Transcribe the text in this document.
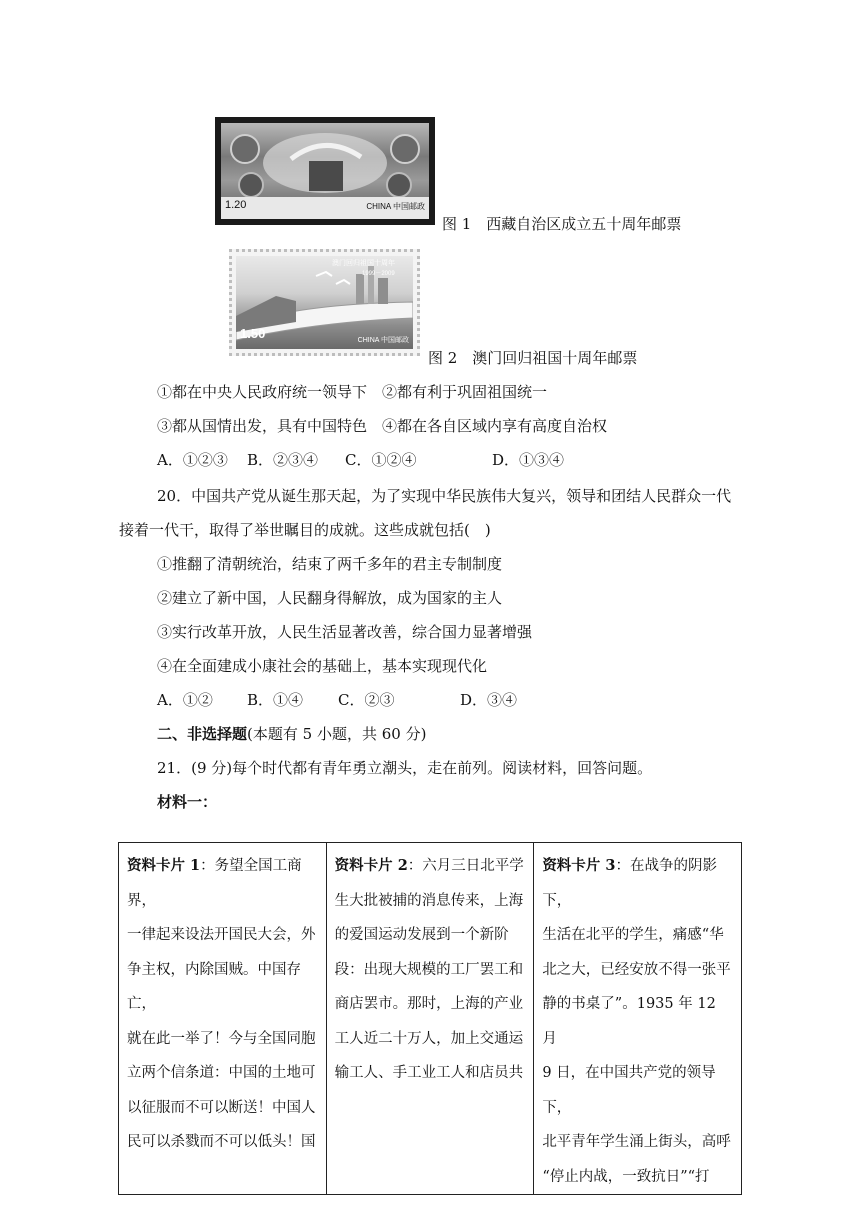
1.20	CHINA 中国邮政
图 1　西藏自治区成立五十周年邮票
澳门回归祖国十周年
1999－2009
1.50	CHINA 中国邮政
图 2　澳门回归祖国十周年邮票
①都在中央人民政府统一领导下　②都有利于巩固祖国统一
③都从国情出发，具有中国特色　④都在各自区域内享有高度自治权
A．①②③ B．②③④ C．①②④	D．①③④
20．中国共产党从诞生那天起，为了实现中华民族伟大复兴，领导和团结人民群众一代
接着一代干，取得了举世瞩目的成就。这些成就包括(　)
①推翻了清朝统治，结束了两千多年的君主专制制度
②建立了新中国，人民翻身得解放，成为国家的主人
③实行改革开放，人民生活显著改善，综合国力显著增强
④在全面建成小康社会的基础上，基本实现现代化
A．①② B．①④ C．②③	D．③④
二、非选择题(本题有 5 小题，共 60 分)
21．(9 分)每个时代都有青年勇立潮头，走在前列。阅读材料，回答问题。
材料一：
资料卡片 1：务望全国工商界，
一律起来设法开国民大会，外
争主权，内除国贼。中国存亡，
就在此一举了！今与全国同胞
立两个信条道：中国的土地可
以征服而不可以断送！中国人
民可以杀戮而不可以低头！国	资料卡片 2：六月三日北平学
生大批被捕的消息传来，上海
的爱国运动发展到一个新阶
段：出现大规模的工厂罢工和
商店罢市。那时，上海的产业
工人近二十万人，加上交通运
输工人、手工业工人和店员共	资料卡片 3：在战争的阴影下，
生活在北平的学生，痛感“华
北之大，已经安放不得一张平
静的书桌了”。1935 年 12 月
9 日，在中国共产党的领导下，
北平青年学生涌上街头，高呼
“停止内战，一致抗日”“打
